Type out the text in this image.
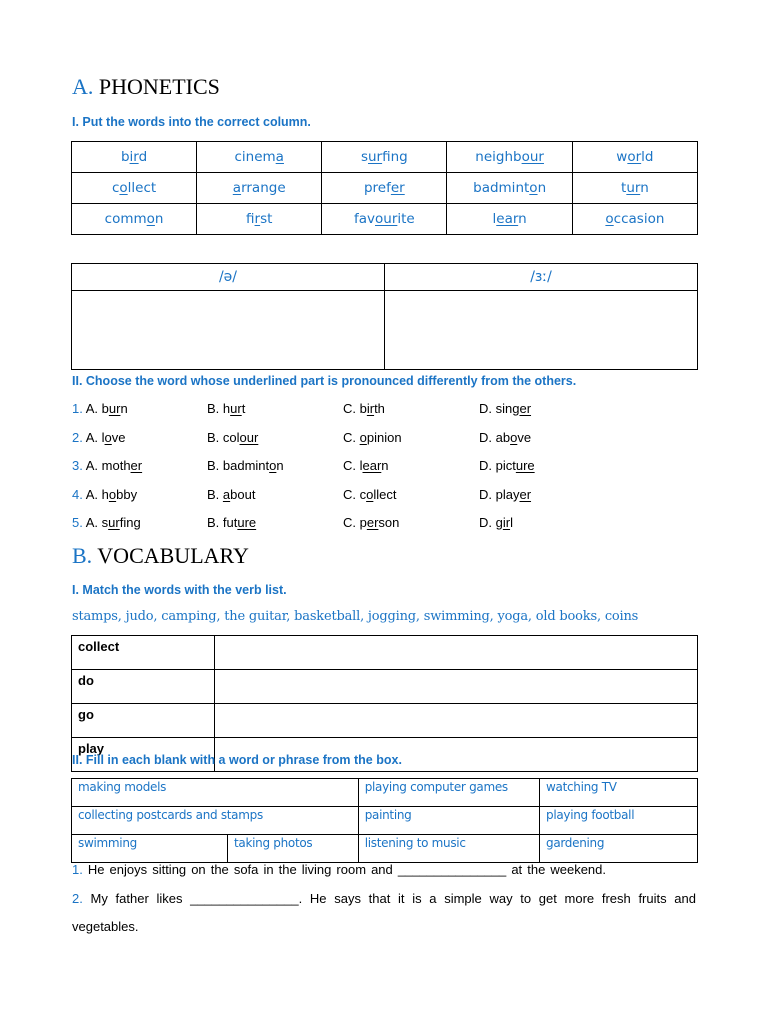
A. PHONETICS
I. Put the words into the correct column.
bird	cinema	surfing	neighbour	world
collect	arrange	prefer	badminton	turn
common	first	favourite	learn	occasion
/ə/	/ɜː/

II. Choose the word whose underlined part is pronounced differently from the others.
1. A. burn	B. hurt	C. birth	D. singer
2. A. love	B. colour	C. opinion	D. above
3. A. mother	B. badminton	C. learn	D. picture
4. A. hobby	B. about	C. collect	D. player
5. A. surfing	B. future	C. person	D. girl
B. VOCABULARY
I. Match the words with the verb list.
stamps, judo, camping, the guitar, basketball, jogging, swimming, yoga, old books, coins
collect	
do	
go	
play	
II. Fill in each blank with a word or phrase from the box.
making models		playing computer games	watching TV
collecting postcards and stamps		painting	playing football
swimming	taking photos	listening to music	gardening
1. He enjoys sitting on the sofa in the living room and _______________ at the weekend.
2. My father likes _______________. He says that it is a simple way to get more fresh fruits and
vegetables.
